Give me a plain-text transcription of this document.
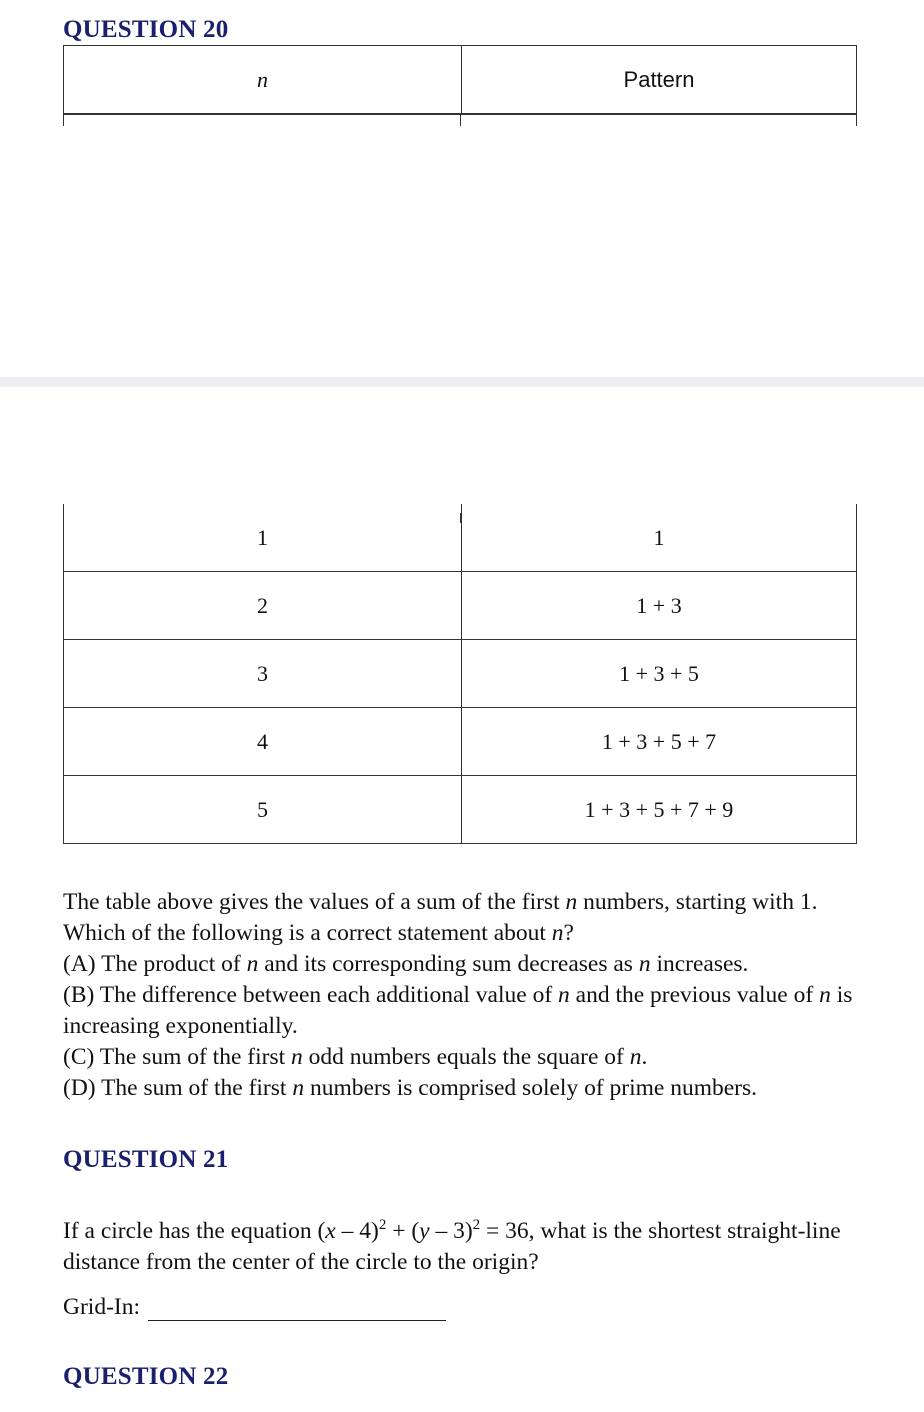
QUESTION 20
n	Pattern
1	1
2	1 + 3
3	1 + 3 + 5
4	1 + 3 + 5 + 7
5	1 + 3 + 5 + 7 + 9

The table above gives the values of a sum of the first n numbers, starting with 1. Which of the following is a correct statement about n?

(A) The product of n and its corresponding sum decreases as n increases.

(B) The difference between each additional value of n and the previous value of n is increasing exponentially.

(C) The sum of the first n odd numbers equals the square of n.

(D) The sum of the first n numbers is comprised solely of prime numbers.

QUESTION 21

If a circle has the equation (x – 4)$^2$ + (y – 3)$^2$ = 36, what is the shortest straight-line distance from the center of the circle to the origin?

Grid-In:
QUESTION 22
